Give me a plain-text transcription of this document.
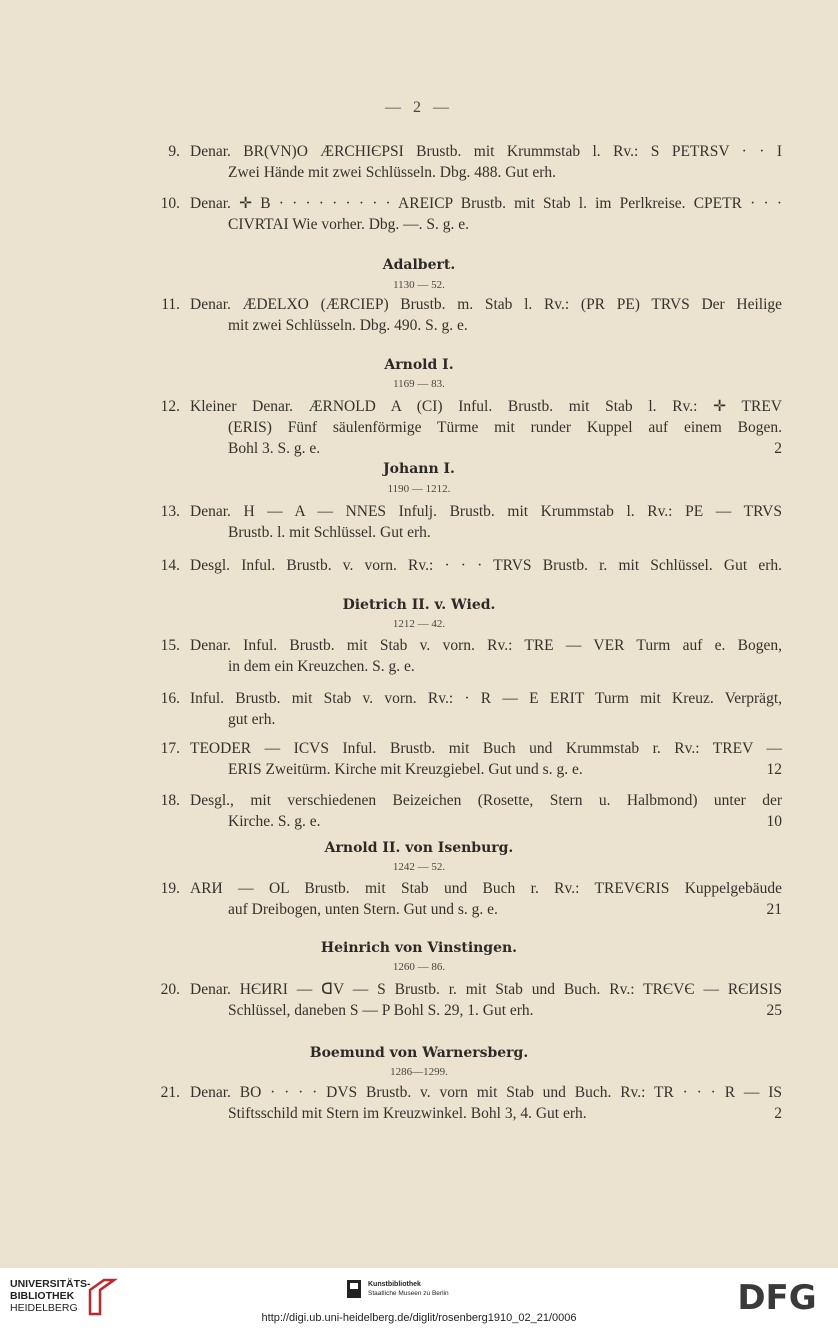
— 2 —
9. Denar. BR(VN)O ÆRCHIЄPSI Brustb. mit Krummstab l. Rv.: S PETRSV · · I
Zwei Hände mit zwei Schlüsseln. Dbg. 488. Gut erh.
10. Denar. ✛ B · · · · · · · · · AREICP Brustb. mit Stab l. im Perlkreise. CPETR · · ·
CIVRTAI Wie vorher. Dbg. —. S. g. e.
Adalbert.
1130 — 52.
11. Denar. ÆDELXO (ÆRCIEP) Brustb. m. Stab l. Rv.: (PR PE) TRVS Der Heilige
mit zwei Schlüsseln. Dbg. 490. S. g. e.
Arnold I.
1169 — 83.
12. Kleiner Denar. ÆRNOLD A (CI) Inful. Brustb. mit Stab l. Rv.: ✛ TREV
(ERIS) Fünf säulenförmige Türme mit runder Kuppel auf einem Bogen.
Bohl 3. S. g. e.	2
Johann I.
1190 — 1212.
13. Denar. H — A — NNES Infulj. Brustb. mit Krummstab l. Rv.: PE — TRVS
Brustb. l. mit Schlüssel. Gut erh.
14. Desgl. Inful. Brustb. v. vorn. Rv.: · · · TRVS Brustb. r. mit Schlüssel. Gut erh.
Dietrich II. v. Wied.
1212 — 42.
15. Denar. Inful. Brustb. mit Stab v. vorn. Rv.: TRE — VER Turm auf e. Bogen,
in dem ein Kreuzchen. S. g. e.
16. Inful. Brustb. mit Stab v. vorn. Rv.: · R — E ERIT Turm mit Kreuz. Verprägt,
gut erh.
17. TEODER — ICVS Inful. Brustb. mit Buch und Krummstab r. Rv.: TREV —
ERIS Zweitürm. Kirche mit Kreuzgiebel. Gut und s. g. e.	12
18. Desgl., mit verschiedenen Beizeichen (Rosette, Stern u. Halbmond) unter der
Kirche. S. g. e.	10
Arnold II. von Isenburg.
1242 — 52.
19. ARИ — OL Brustb. mit Stab und Buch r. Rv.: TREVЄRIS Kuppelgebäude
auf Dreibogen, unten Stern. Gut und s. g. e.	21
Heinrich von Vinstingen.
1260 — 86.
20. Denar. HЄИRI — ᗡV — S Brustb. r. mit Stab und Buch. Rv.: TRЄVЄ — RЄИSIS
Schlüssel, daneben S — P Bohl S. 29, 1. Gut erh.	25
Boemund von Warnersberg.
1286—1299.
21. Denar. BO · · · · DVS Brustb. v. vorn mit Stab und Buch. Rv.: TR · · · R — IS
Stiftsschild mit Stern im Kreuzwinkel. Bohl 3, 4. Gut erh.	2
UNIVERSITÄTS-
BIBLIOTHEK
HEIDELBERG
Kunstbibliothek
Staatliche Museen zu Berlin	DFG
http://digi.ub.uni-heidelberg.de/diglit/rosenberg1910_02_21/0006
